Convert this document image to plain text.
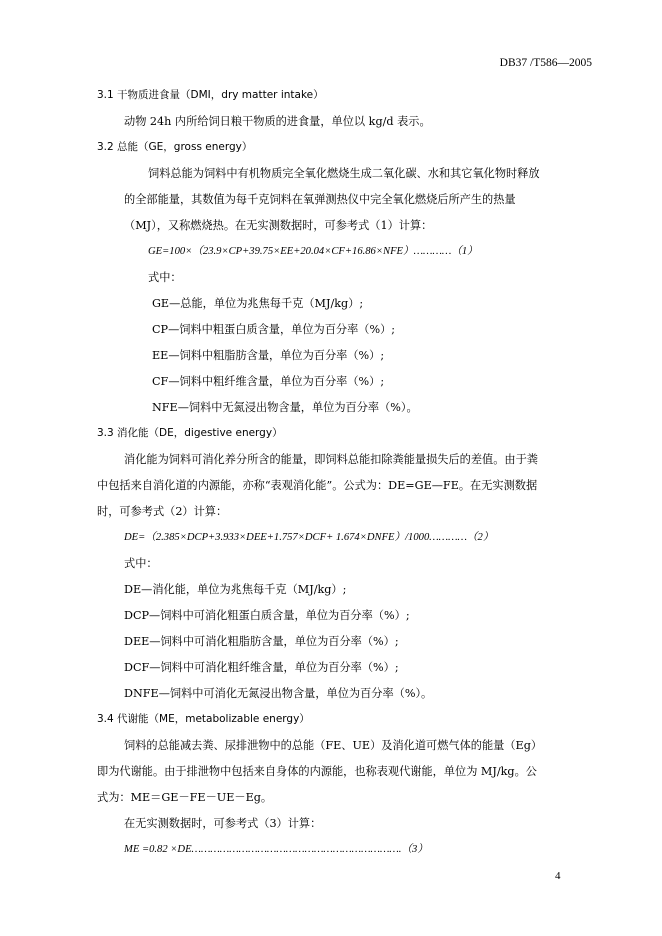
DB37 /T586—2005
3.1 干物质进食量（DMI，dry matter intake）
动物 24h 内所给饲日粮干物质的进食量，单位以 kg/d 表示。
3.2 总能（GE，gross energy）
饲料总能为饲料中有机物质完全氧化燃烧生成二氧化碳、水和其它氧化物时释放
的全部能量，其数值为每千克饲料在氧弹测热仪中完全氧化燃烧后所产生的热量
（MJ），又称燃烧热。在无实测数据时，可参考式（1）计算：
GE=100×（23.9×CP+39.75×EE+20.04×CF+16.86×NFE）…………（1）
式中：
GE—总能，单位为兆焦每千克（MJ/kg）;
CP—饲料中粗蛋白质含量，单位为百分率（%）;
EE—饲料中粗脂肪含量，单位为百分率（%）;
CF—饲料中粗纤维含量，单位为百分率（%）;
NFE—饲料中无氮浸出物含量，单位为百分率（%）。
3.3 消化能（DE，digestive energy）
消化能为饲料可消化养分所含的能量，即饲料总能扣除粪能量损失后的差值。由于粪
中包括来自消化道的内源能，亦称“表观消化能”。公式为：DE=GE—FE。在无实测数据
时，可参考式（2）计算：
DE=（2.385×DCP+3.933×DEE+1.757×DCF+ 1.674×DNFE）/1000…………（2）
式中：
DE—消化能，单位为兆焦每千克（MJ/kg）;
DCP—饲料中可消化粗蛋白质含量，单位为百分率（%）;
DEE—饲料中可消化粗脂肪含量，单位为百分率（%）;
DCF—饲料中可消化粗纤维含量，单位为百分率（%）;
DNFE—饲料中可消化无氮浸出物含量，单位为百分率（%）。
3.4 代谢能（ME，metabolizable energy）
饲料的总能减去粪、尿排泄物中的总能（FE、UE）及消化道可燃气体的能量（Eg）
即为代谢能。由于排泄物中包括来自身体的内源能，也称表观代谢能，单位为 MJ/kg。公
式为：ME＝GE－FE－UE－Eg。
在无实测数据时，可参考式（3）计算：
ME =0.82 ×DE………………………………………………………….（3）
4
